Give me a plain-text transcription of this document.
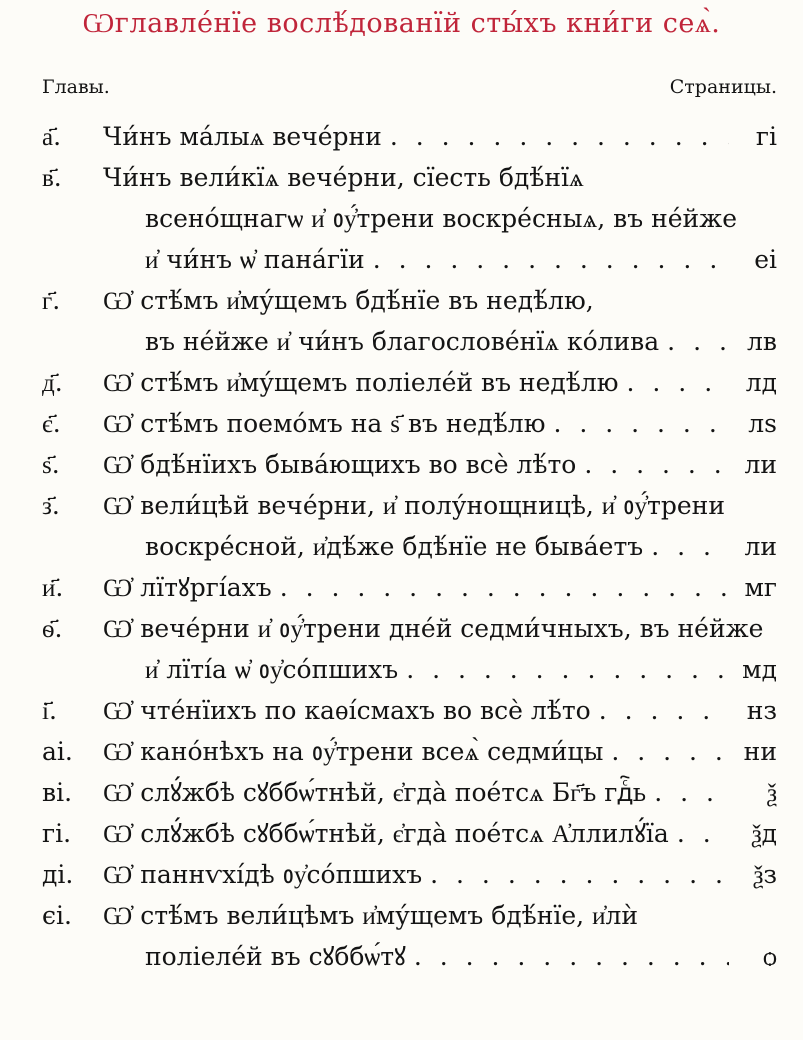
Ѡглавле́нїе воcлѣ́дованїй сты́хъ кни́ги сеѧ̀.
Главы.	Страницы.
а҃. Чи́нъ ма́лыѧ вече́рни . . .	гі
в҃. Чи́нъ вели́кїѧ вече́рни, сїесть бдѣ́нїѧ
всено́щнагѡ и҆ ᲂу҆́трени воскре́сныѧ, въ не́йже
и҆ чи́нъ ѡ҆ пана́гїи . . .	еі
г҃. Ѡ҆ стѣ́мъ и҆му́щемъ бдѣ́нїе въ недѣ́лю,
въ не́йже и҆ чи́нъ благослове́нїѧ ко́лива . . .	лв
д҃. Ѡ҆ стѣ́мъ и҆му́щемъ поліеле́й въ недѣ́лю . . .	лд
є҃. Ѡ҆ стѣ́мъ поемо́мъ на ѕ҃ въ недѣ́лю . . .	лѕ
ѕ҃. Ѡ҆ бдѣ́нїихъ быва́ющихъ во всѐ лѣ́то . . .	ли
з҃. Ѡ҆ вели́цѣй вече́рни, и҆ полу́нощницѣ, и҆ ᲂу҆́трени
воскре́сной, и҆дѣ́же бдѣ́нїе не быва́етъ . . .	ли
и҃. Ѡ҆ лїтꙋргі́ахъ . . .	мг
ѳ҃. Ѡ҆ вече́рни и҆ ᲂу҆́трени дне́й седми́чныхъ, въ не́йже
и҆ лїті́а ѡ҆ ᲂу҆со́пшихъ . . .	мд
і҃. Ѡ҆ чте́нїихъ по каѳі́смахъ во всѐ лѣ́то . . .	нз
аі. Ѡ҆ кано́нѣхъ на ᲂу҆́трени всеѧ̀ седми́цы . . .	ни
ві. Ѡ҆ слꙋ́жбѣ сꙋббѡ́тнѣй, є҆гда̀ пое́тсѧ Бг҃ъ гдⷭ҇ь . . .	ѯ
гі. Ѡ҆ слꙋ́жбѣ сꙋббѡ́тнѣй, є҆гда̀ пое́тсѧ А҆ллилꙋ́їа . . .	ѯд
ді. Ѡ҆ паннѵхі́дѣ ᲂу҆со́пшихъ . . .	ѯз
єі. Ѡ҆ стѣ́мъ вели́цѣмъ и҆му́щемъ бдѣ́нїе, и҆лѝ
поліеле́й въ сꙋббѡ́тꙋ . . .	ѻ
